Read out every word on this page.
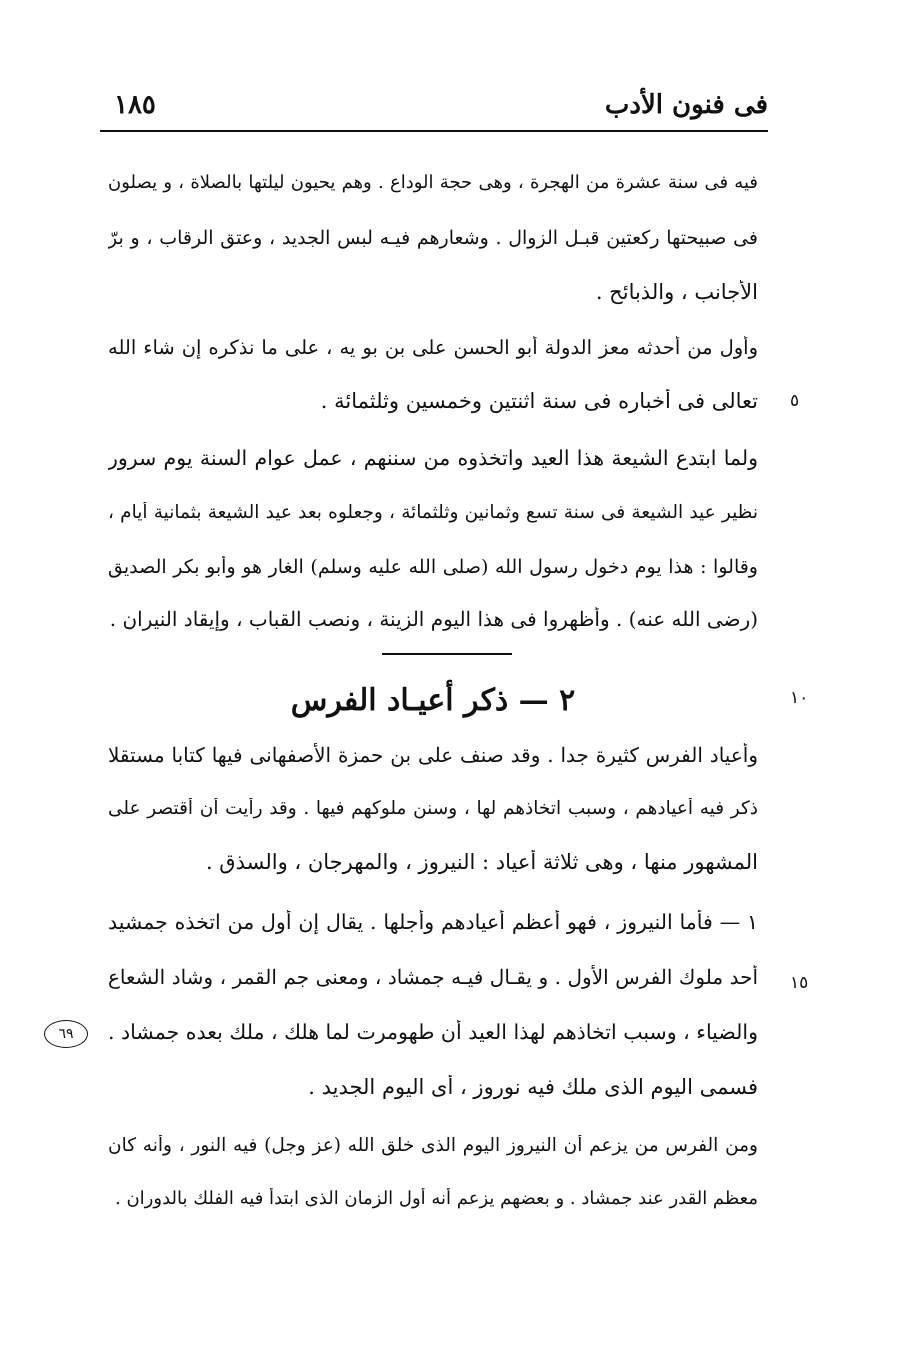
فى فنون الأدب
١٨٥
فيه فى سنة عشرة من الهجرة ، وهى حجة الوداع . وهم يحيون ليلتها بالصلاة ، و يصلون
فى صبيحتها ركعتين قبـل الزوال . وشعارهم فيـه لبس الجديد ، وعتق الرقاب ، و برّ
الأجانب ، والذبائح .
وأول من أحدثه معز الدولة أبو الحسن على بن بو يه ، على ما نذكره إن شاء الله
تعالى فى أخباره فى سنة اثنتين وخمسين وثلثمائة . ٥
ولما ابتدع الشيعة هذا العيد واتخذوه من سننهم ، عمل عوام السنة يوم سرور
نظير عيد الشيعة فى سنة تسع وثمانين وثلثمائة ، وجعلوه بعد عيد الشيعة بثمانية أيام ،
وقالوا : هذا يوم دخول رسول الله (صلى الله عليه وسلم) الغار هو وأبو بكر الصديق
(رضى الله عنه) . وأظهروا فى هذا اليوم الزينة ، ونصب القباب ، وإيقاد النيران .
٢ — ذكر أعيـاد الفرس	١٠
وأعياد الفرس كثيرة جدا . وقد صنف على بن حمزة الأصفهانى فيها كتابا مستقلا
ذكر فيه أعيادهم ، وسبب اتخاذهم لها ، وسنن ملوكهم فيها . وقد رأيت أن أقتصر على
المشهور منها ، وهى ثلاثة أعياد : النيروز ، والمهرجان ، والسذق .
١ — فأما النيروز ، فهو أعظم أعيادهم وأجلها . يقال إن أول من اتخذه جمشيد
أحد ملوك الفرس الأول . و يقـال فيـه جمشاد ، ومعنى جم القمر ، وشاد الشعاع ١٥
والضياء ، وسبب اتخاذهم لهذا العيد أن طهومرت لما هلك ، ملك بعده جمشاد .
٦٩
فسمى اليوم الذى ملك فيه نوروز ، أى اليوم الجديد .
ومن الفرس من يزعم أن النيروز اليوم الذى خلق الله (عز وجل) فيه النور ، وأنه كان
معظم القدر عند جمشاد . و بعضهم يزعم أنه أول الزمان الذى ابتدأ فيه الفلك بالدوران .
